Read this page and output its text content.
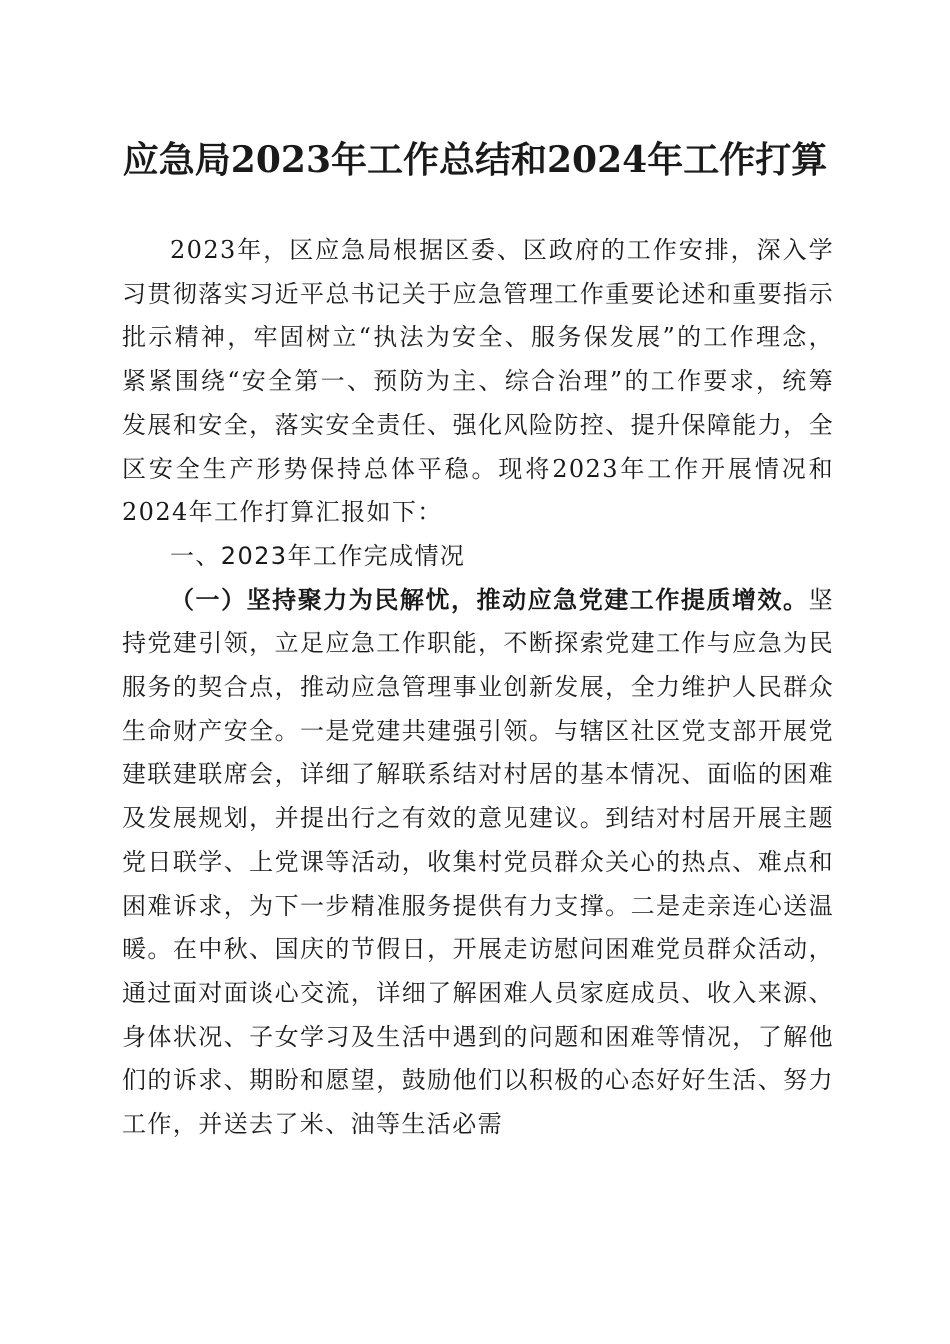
应急局2023年工作总结和2024年工作打算

2023年，区应急局根据区委、区政府的工作安排，深入学习贯彻落实习近平总书记关于应急管理工作重要论述和重要指示批示精神，牢固树立“执法为安全、服务保发展”的工作理念，紧紧围绕“安全第一、预防为主、综合治理”的工作要求，统筹发展和安全，落实安全责任、强化风险防控、提升保障能力，全区安全生产形势保持总体平稳。现将2023年工作开展情况和2024年工作打算汇报如下：

一、2023年工作完成情况

（一）坚持聚力为民解忧，推动应急党建工作提质增效。坚持党建引领，立足应急工作职能，不断探索党建工作与应急为民服务的契合点，推动应急管理事业创新发展，全力维护人民群众生命财产安全。一是党建共建强引领。与辖区社区党支部开展党建联建联席会，详细了解联系结对村居的基本情况、面临的困难及发展规划，并提出行之有效的意见建议。到结对村居开展主题党日联学、上党课等活动，收集村党员群众关心的热点、难点和困难诉求，为下一步精准服务提供有力支撑。二是走亲连心送温暖。在中秋、国庆的节假日，开展走访慰问困难党员群众活动，通过面对面谈心交流，详细了解困难人员家庭成员、收入来源、身体状况、子女学习及生活中遇到的问题和困难等情况，了解他们的诉求、期盼和愿望，鼓励他们以积极的心态好好生活、努力工作，并送去了米、油等生活必需
